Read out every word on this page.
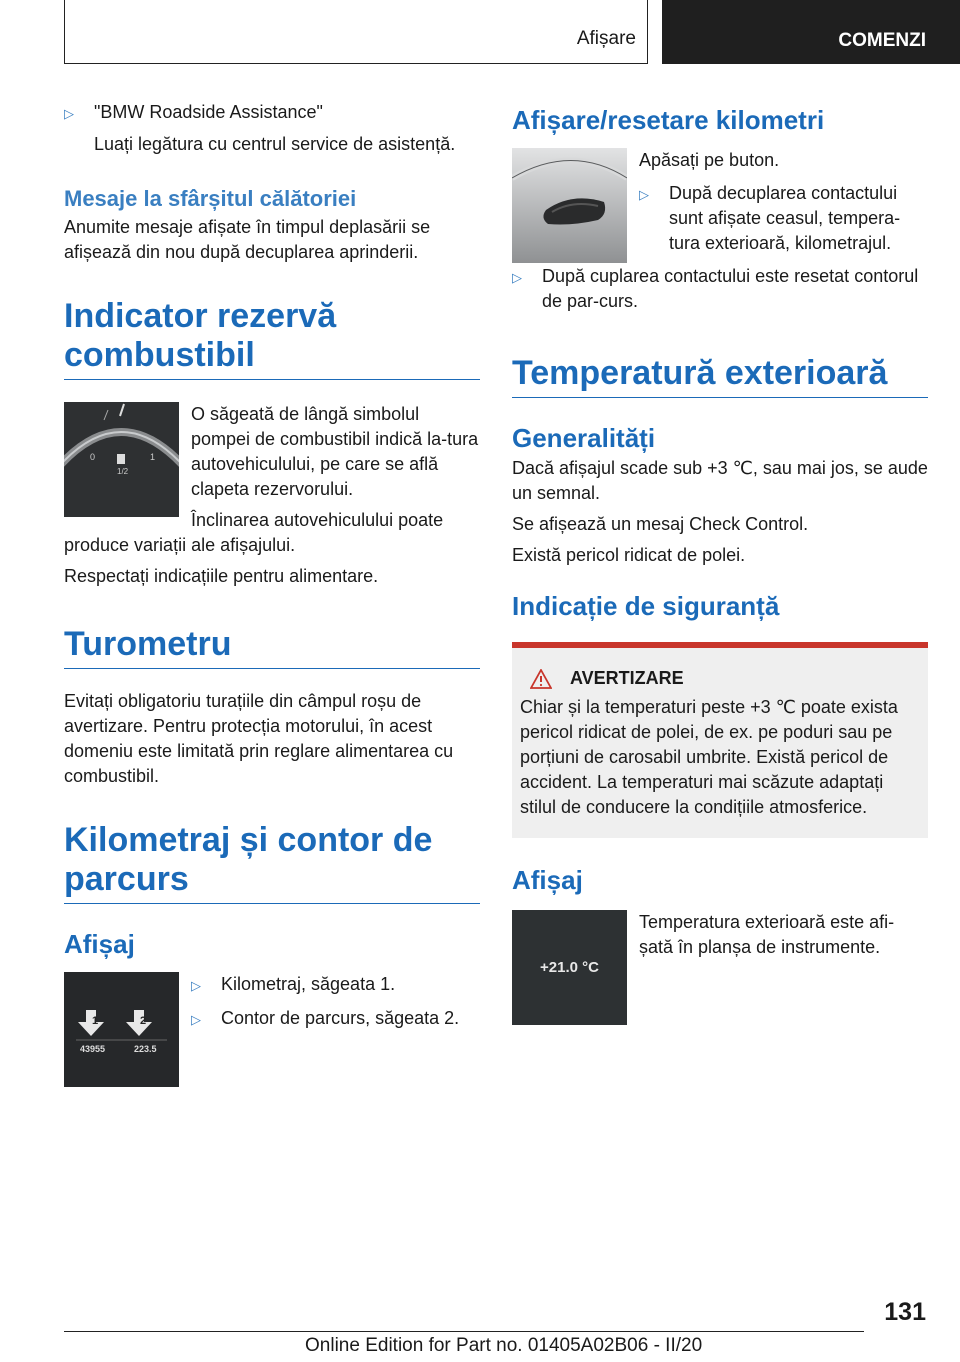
Afișare	COMENZI
▷	"BMW Roadside Assistance"

Luați legătura cu centrul service de asistență.

Mesaje la sfârșitul călătoriei

Anumite mesaje afișate în timpul deplasării se afișează din nou după decuplarea aprinderii.

Indicator rezervă combustibil
0
1/2
1

O săgeată de lângă simbolul pompei de combustibil indică la-tura autovehiculului, pe care se află clapeta rezervorului.

Înclinarea autovehiculului poate produce variații ale afișajului.

Respectați indicațiile pentru alimentare.

Turometru

Evitați obligatoriu turațiile din câmpul roșu de avertizare. Pentru protecția motorului, în acest domeniu este limitată prin reglare alimentarea cu combustibil.

Kilometraj și contor de parcurs
Afișaj
1	2
43955	223.5
▷	Kilometraj, săgeata 1.
▷	Contor de parcurs, săgeata 2.
Afișare/resetare kilometri

Apăsați pe buton.

▷	După decuplarea contactului sunt afișate ceasul, tempera-tura exterioară, kilometrajul.
▷	După cuplarea contactului este resetat contorul de par-curs.
Temperatură exterioară
Generalități

Dacă afișajul scade sub +3 ℃, sau mai jos, se aude un semnal.

Se afișează un mesaj Check Control.

Există pericol ridicat de polei.

Indicație de siguranță
AVERTIZARE

Chiar și la temperaturi peste +3 ℃ poate exista pericol ridicat de polei, de ex. pe poduri sau pe porțiuni de carosabil umbrite. Există pericol de accident. La temperaturi mai scăzute adaptați stilul de conducere la condițiile atmosferice.

Afișaj
+21.0 °C

Temperatura exterioară este afi-șată în planșa de instrumente.

131
Online Edition for Part no. 01405A02B06 - II/20
